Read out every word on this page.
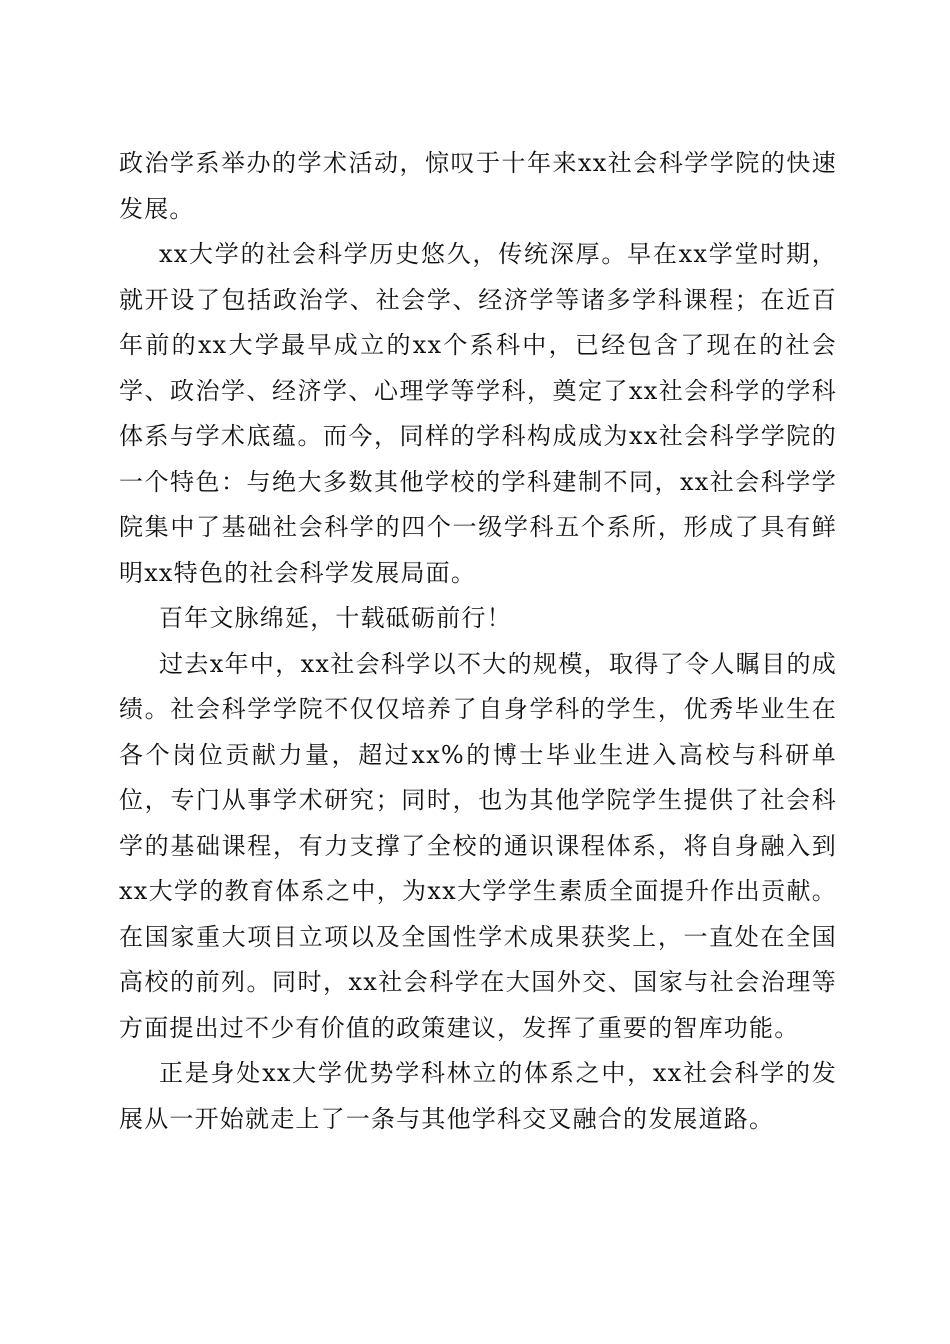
政治学系举办的学术活动，惊叹于十年来xx社会科学学院的快速发展。

xx大学的社会科学历史悠久，传统深厚。早在xx学堂时期，就开设了包括政治学、社会学、经济学等诸多学科课程；在近百年前的xx大学最早成立的xx个系科中，已经包含了现在的社会学、政治学、经济学、心理学等学科，奠定了xx社会科学的学科体系与学术底蕴。而今，同样的学科构成成为xx社会科学学院的一个特色：与绝大多数其他学校的学科建制不同，xx社会科学学院集中了基础社会科学的四个一级学科五个系所，形成了具有鲜明xx特色的社会科学发展局面。

百年文脉绵延，十载砥砺前行！

过去x年中，xx社会科学以不大的规模，取得了令人瞩目的成绩。社会科学学院不仅仅培养了自身学科的学生，优秀毕业生在各个岗位贡献力量，超过xx%的博士毕业生进入高校与科研单位，专门从事学术研究；同时，也为其他学院学生提供了社会科学的基础课程，有力支撑了全校的通识课程体系，将自身融入到xx大学的教育体系之中，为xx大学学生素质全面提升作出贡献。在国家重大项目立项以及全国性学术成果获奖上，一直处在全国高校的前列。同时，xx社会科学在大国外交、国家与社会治理等方面提出过不少有价值的政策建议，发挥了重要的智库功能。

正是身处xx大学优势学科林立的体系之中，xx社会科学的发展从一开始就走上了一条与其他学科交叉融合的发展道路。
